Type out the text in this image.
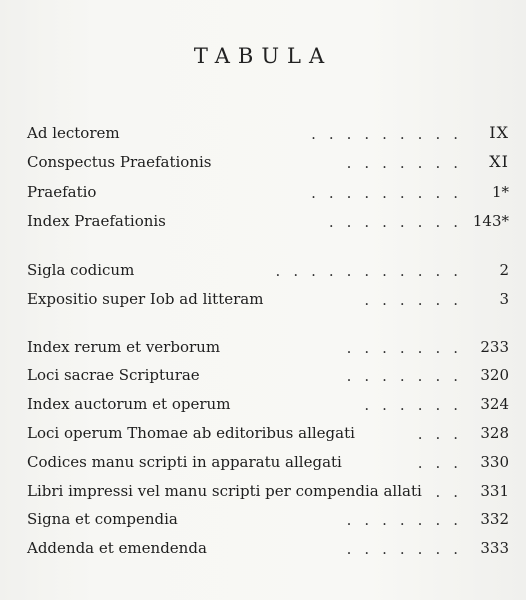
TABULA
Ad lectorem	.........	IX
Conspectus Praefationis	.......	XI
Praefatio	.........	1*
Index Praefationis	........ 143*
Sigla codicum	...........	2
Expositio super Iob ad litteram	......	3
Index rerum et verborum	....... 233
Loci sacrae Scripturae	....... 320
Index auctorum et operum	...... 324
Loci operum Thomae ab editoribus allegati	... 328
Codices manu scripti in apparatu allegati	... 330
Libri impressi vel manu scripti per compendia allati .. 331
Signa et compendia	....... 332
Addenda et emendenda	....... 333
